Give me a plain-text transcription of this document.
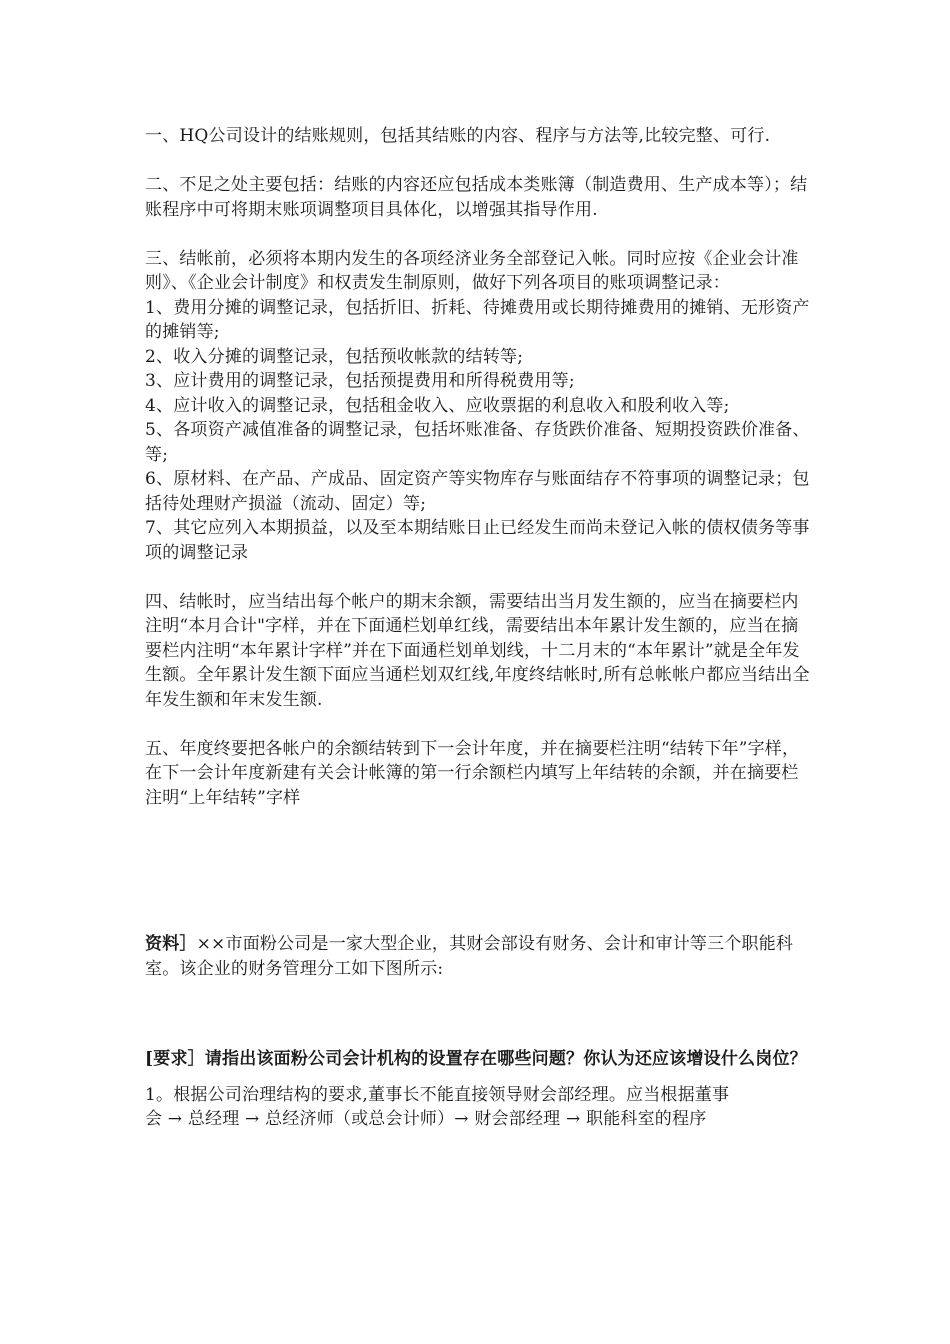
一、HQ公司设计的结账规则，包括其结账的内容、程序与方法等,比较完整、可行.

二、不足之处主要包括：结账的内容还应包括成本类账簿（制造费用、生产成本等）；结账程序中可将期末账项调整项目具体化，以增强其指导作用.

三、结帐前，必须将本期内发生的各项经济业务全部登记入帐。同时应按《企业会计准则》、《企业会计制度》和权责发生制原则，做好下列各项目的账项调整记录：

1、费用分摊的调整记录，包括折旧、折耗、待摊费用或长期待摊费用的摊销、无形资产的摊销等;

2、收入分摊的调整记录，包括预收帐款的结转等;

3、应计费用的调整记录，包括预提费用和所得税费用等;

4、应计收入的调整记录，包括租金收入、应收票据的利息收入和股利收入等;

5、各项资产减值准备的调整记录，包括坏账准备、存货跌价准备、短期投资跌价准备、等;

6、原材料、在产品、产成品、固定资产等实物库存与账面结存不符事项的调整记录；包括待处理财产损溢（流动、固定）等;

7、其它应列入本期损益，以及至本期结账日止已经发生而尚未登记入帐的债权债务等事项的调整记录

四、结帐时，应当结出每个帐户的期末余额，需要结出当月发生额的，应当在摘要栏内注明“本月合计"字样，并在下面通栏划单红线，需要结出本年累计发生额的，应当在摘要栏内注明“本年累计字样”并在下面通栏划单划线，十二月末的“本年累计”就是全年发生额。全年累计发生额下面应当通栏划双红线,年度终结帐时,所有总帐帐户都应当结出全年发生额和年末发生额.

五、年度终要把各帐户的余额结转到下一会计年度，并在摘要栏注明“结转下年”字样，在下一会计年度新建有关会计帐簿的第一行余额栏内填写上年结转的余额，并在摘要栏注明“上年结转”字样

资料］××市面粉公司是一家大型企业，其财会部设有财务、会计和审计等三个职能科室。该企业的财务管理分工如下图所示:

[要求］请指出该面粉公司会计机构的设置存在哪些问题？你认为还应该增设什么岗位？

1。根据公司治理结构的要求,董事长不能直接领导财会部经理。应当根据董事

会 → 总经理 → 总经济师（或总会计师）→ 财会部经理 → 职能科室的程序
